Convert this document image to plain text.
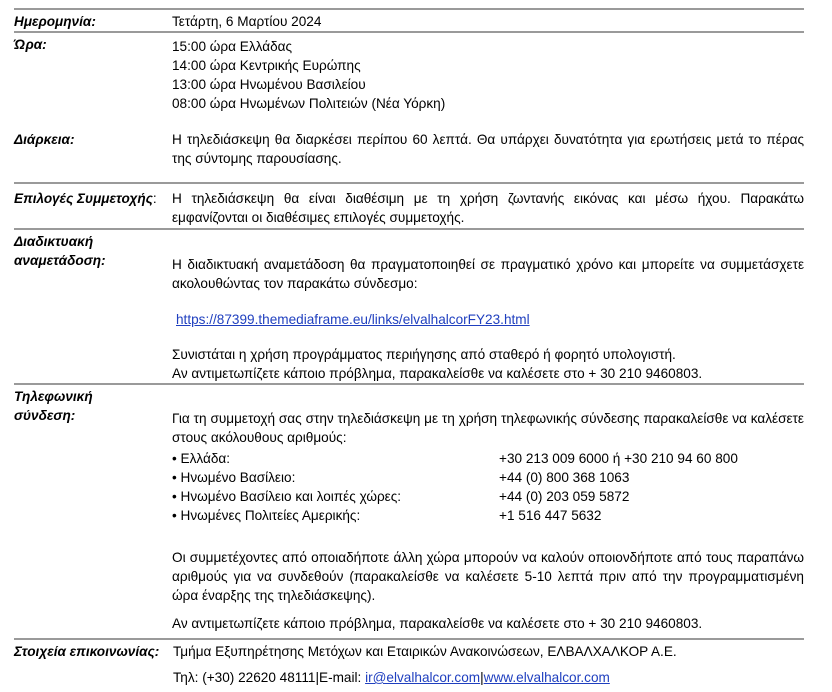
Ημερομηνία:	Τετάρτη, 6 Μαρτίου 2024
Ώρα:	15:00 ώρα Ελλάδας
14:00 ώρα Κεντρικής Ευρώπης
13:00 ώρα Ηνωμένου Βασιλείου
08:00 ώρα Ηνωμένων Πολιτειών (Νέα Υόρκη)
Διάρκεια:	Η τηλεδιάσκεψη θα διαρκέσει περίπου 60 λεπτά. Θα υπάρχει δυνατότητα για ερωτήσεις μετά το πέρας της σύντομης παρουσίασης.
Επιλογές Συμμετοχής: Η τηλεδιάσκεψη θα είναι διαθέσιμη με τη χρήση ζωντανής εικόνας και μέσω ήχου. Παρακάτω εμφανίζονται οι διαθέσιμες επιλογές συμμετοχής.
Διαδικτυακή
αναμετάδοση:	Η διαδικτυακή αναμετάδοση θα πραγματοποιηθεί σε πραγματικό χρόνο και μπορείτε να συμμετάσχετε ακολουθώντας τον παρακάτω σύνδεσμο:
https://87399.themediaframe.eu/links/elvalhalcorFY23.html
Συνιστάται η χρήση προγράμματος περιήγησης από σταθερό ή φορητό υπολογιστή.
Αν αντιμετωπίζετε κάποιο πρόβλημα, παρακαλείσθε να καλέσετε στο + 30 210 9460803.
Τηλεφωνική
σύνδεση:	Για τη συμμετοχή σας στην τηλεδιάσκεψη με τη χρήση τηλεφωνικής σύνδεσης παρακαλείσθε να καλέσετε στους ακόλουθους αριθμούς:
• Ελλάδα:	+30 213 009 6000 ή +30 210 94 60 800
• Ηνωμένο Βασίλειο:	+44 (0) 800 368 1063
• Ηνωμένο Βασίλειο και λοιπές χώρες:	+44 (0) 203 059 5872
• Ηνωμένες Πολιτείες Αμερικής:	+1 516 447 5632
Οι συμμετέχοντες από οποιαδήποτε άλλη χώρα μπορούν να καλούν οποιονδήποτε από τους παραπάνω αριθμούς για να συνδεθούν (παρακαλείσθε να καλέσετε 5-10 λεπτά πριν από την προγραμματισμένη ώρα έναρξης της τηλεδιάσκεψης).
Αν αντιμετωπίζετε κάποιο πρόβλημα, παρακαλείσθε να καλέσετε στο + 30 210 9460803.
Στοιχεία επικοινωνίας: Τμήμα Εξυπηρέτησης Μετόχων και Εταιρικών Ανακοινώσεων, ΕΛΒΑΛΧΑΛΚΟΡ Α.Ε.
Τηλ: (+30) 22620 48111|E-mail: ir@elvalhalcor.com|www.elvalhalcor.com
